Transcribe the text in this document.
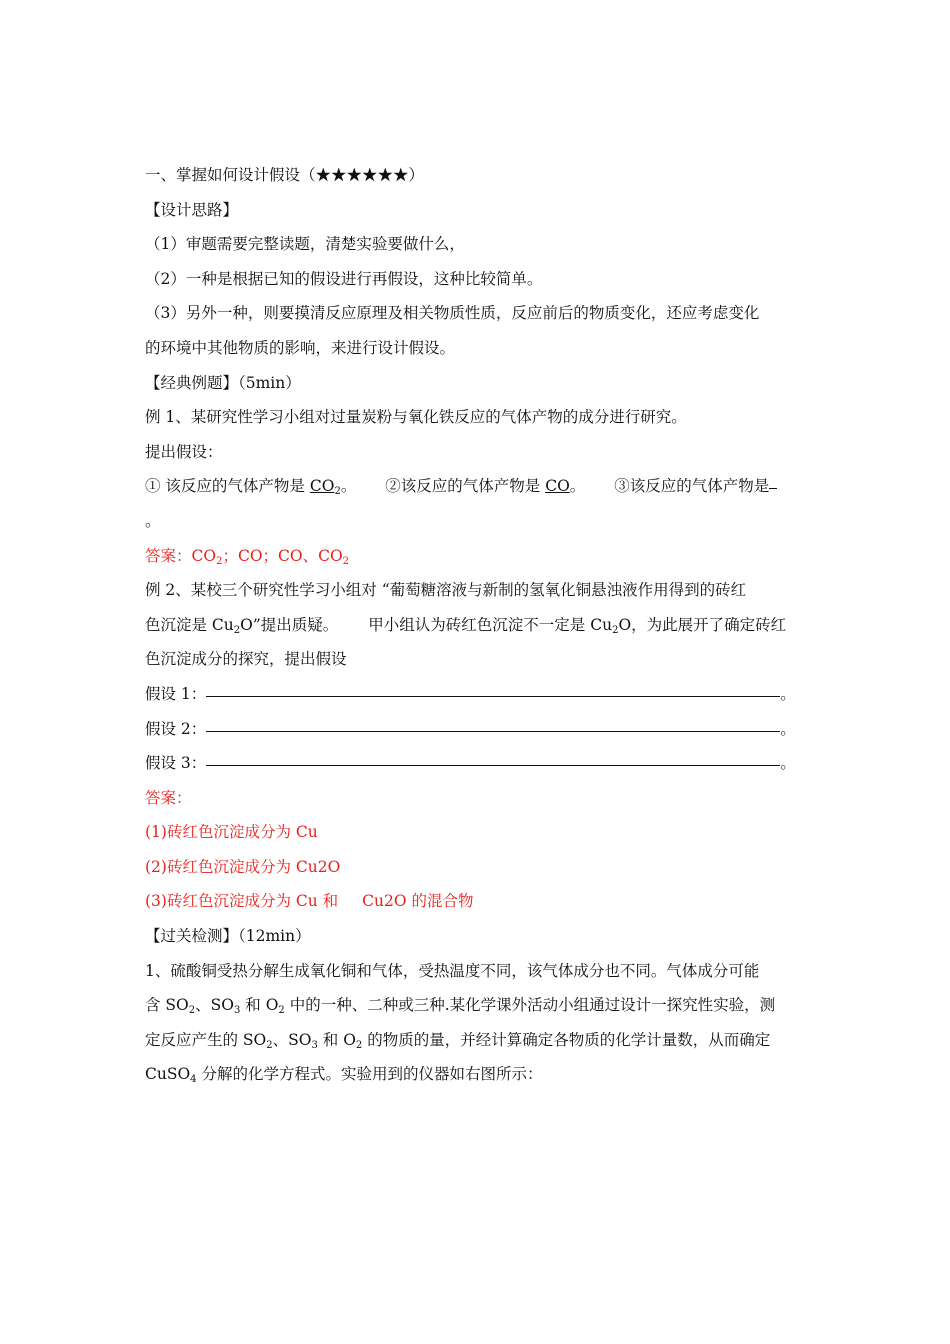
一、掌握如何设计假设（★★★★★★）
【设计思路】
（1）审题需要完整读题，清楚实验要做什么，
（2）一种是根据已知的假设进行再假设，这种比较简单。
（3）另外一种，则要摸清反应原理及相关物质性质，反应前后的物质变化，还应考虑变化
的环境中其他物质的影响，来进行设计假设。
【经典例题】（5min）
例 1、某研究性学习小组对过量炭粉与氧化铁反应的气体产物的成分进行研究。
提出假设：
① 该反应的气体产物是 $CO_2$。 ②该反应的气体产物是 CO。 ③该反应的气体产物是
。
答案：$CO_2$；CO；CO、$CO_2$
例 2、某校三个研究性学习小组对 “葡萄糖溶液与新制的氢氧化铜悬浊液作用得到的砖红
色沉淀是 $Cu_2O$”提出质疑。 甲小组认为砖红色沉淀不一定是 $Cu_2O$，为此展开了确定砖红
色沉淀成分的探究，提出假设
假设 1：	。
假设 2：	。
假设 3：	。
答案：
(1)砖红色沉淀成分为 Cu
(2)砖红色沉淀成分为 Cu2O
(3)砖红色沉淀成分为 Cu 和 Cu2O 的混合物
【过关检测】（12min）
1、硫酸铜受热分解生成氧化铜和气体，受热温度不同，该气体成分也不同。气体成分可能
含 $SO_2$、$SO_3$ 和 $O_2$ 中的一种、二种或三种.某化学课外活动小组通过设计一探究性实验，测
定反应产生的 $SO_2$、$SO_3$ 和 $O_2$ 的物质的量，并经计算确定各物质的化学计量数，从而确定
CuSO$_4$ 分解的化学方程式。实验用到的仪器如右图所示：
